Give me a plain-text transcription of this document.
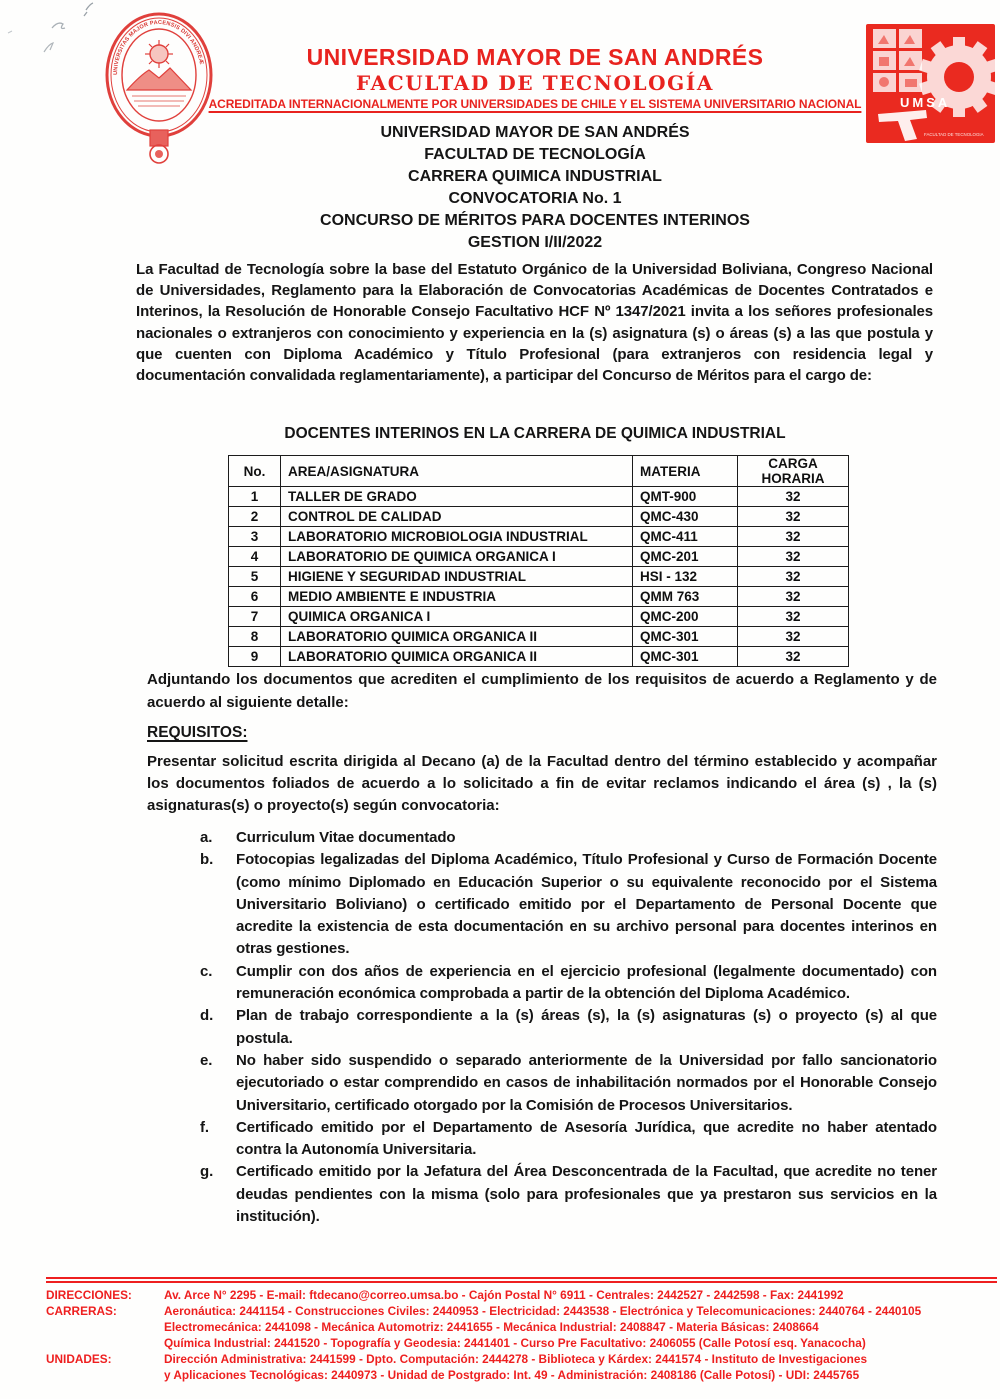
UNIVERSITAS MAJOR PACENSIS DIVI ANDREÆ
UMSA
FACULTAD DE TECNOLOGIA
UNIVERSIDAD MAYOR DE SAN ANDRÉS
FACULTAD DE TECNOLOGÍA
ACREDITADA INTERNACIONALMENTE POR UNIVERSIDADES DE CHILE Y EL SISTEMA UNIVERSITARIO NACIONAL
UNIVERSIDAD MAYOR DE SAN ANDRÉS
FACULTAD DE TECNOLOGÍA
CARRERA QUIMICA INDUSTRIAL
CONVOCATORIA No. 1
CONCURSO DE MÉRITOS PARA DOCENTES INTERINOS
GESTION I/II/2022
La Facultad de Tecnología sobre la base del Estatuto Orgánico de la Universidad Boliviana, Congreso Nacional de Universidades, Reglamento para la Elaboración de Convocatorias Académicas de Docentes Contratados e Interinos, la Resolución de Honorable Consejo Facultativo HCF Nº 1347/2021 invita a los señores profesionales nacionales o extranjeros con conocimiento y experiencia en la (s) asignatura (s) o áreas (s) a las que postula y que cuenten con Diploma Académico y Título Profesional (para extranjeros con residencia legal y documentación convalidada reglamentariamente), a participar del Concurso de Méritos para el cargo de:
DOCENTES INTERINOS EN LA CARRERA DE QUIMICA INDUSTRIAL
No.	AREA/ASIGNATURA	MATERIA	CARGA HORARIA
1	TALLER DE GRADO	QMT-900	32
2	CONTROL DE CALIDAD	QMC-430	32
3	LABORATORIO MICROBIOLOGIA INDUSTRIAL	QMC-411	32
4	LABORATORIO DE QUIMICA ORGANICA I	QMC-201	32
5	HIGIENE Y SEGURIDAD INDUSTRIAL	HSI - 132	32
6	MEDIO AMBIENTE E INDUSTRIA	QMM 763	32
7	QUIMICA ORGANICA I	QMC-200	32
8	LABORATORIO QUIMICA ORGANICA II	QMC-301	32
9	LABORATORIO QUIMICA ORGANICA II	QMC-301	32
Adjuntando los documentos que acrediten el cumplimiento de los requisitos de acuerdo a Reglamento y de acuerdo al siguiente detalle:
REQUISITOS:
Presentar solicitud escrita dirigida al Decano (a) de la Facultad dentro del término establecido y acompañar los documentos foliados de acuerdo a lo solicitado a fin de evitar reclamos indicando el área (s) , la (s) asignaturas(s) o proyecto(s) según convocatoria:
a.	Curriculum Vitae documentado
b.	Fotocopias legalizadas del Diploma Académico, Título Profesional y Curso de Formación Docente (como mínimo Diplomado en Educación Superior o su equivalente reconocido por el Sistema Universitario Boliviano) o certificado emitido por el Departamento de Personal Docente que acredite la existencia de esta documentación en su archivo personal para docentes interinos en otras gestiones.
c.	Cumplir con dos años de experiencia en el ejercicio profesional (legalmente documentado) con remuneración económica comprobada a partir de la obtención del Diploma Académico.
d.	Plan de trabajo correspondiente a la (s) áreas (s), la (s) asignaturas (s) o proyecto (s) al que postula.
e.	No haber sido suspendido o separado anteriormente de la Universidad por fallo sancionatorio ejecutoriado o estar comprendido en casos de inhabilitación normados por el Honorable Consejo Universitario, certificado otorgado por la Comisión de Procesos Universitarios.
f.	Certificado emitido por el Departamento de Asesoría Jurídica, que acredite no haber atentado contra la Autonomía Universitaria.
g.	Certificado emitido por la Jefatura del Área Desconcentrada de la Facultad, que acredite no tener deudas pendientes con la misma (solo para profesionales que ya prestaron sus servicios en la institución).
DIRECCIONES:	Av. Arce N° 2295 - E-mail: ftdecano@correo.umsa.bo - Cajón Postal N° 6911 - Centrales: 2442527 - 2442598 - Fax: 2441992
CARRERAS:	Aeronáutica: 2441154 - Construcciones Civiles: 2440953 - Electricidad: 2443538 - Electrónica y Telecomunicaciones: 2440764 - 2440105
Electromecánica: 2441098 - Mecánica Automotriz: 2441655 - Mecánica Industrial: 2408847 - Materia Básicas: 2408664
Química Industrial: 2441520 - Topografía y Geodesia: 2441401 - Curso Pre Facultativo: 2406055 (Calle Potosí esq. Yanacocha)
UNIDADES:	Dirección Administrativa: 2441599 - Dpto. Computación: 2444278 - Biblioteca y Kárdex: 2441574 - Instituto de Investigaciones
y Aplicaciones Tecnológicas: 2440973 - Unidad de Postgrado: Int. 49 - Administración: 2408186 (Calle Potosí) - UDI: 2445765
